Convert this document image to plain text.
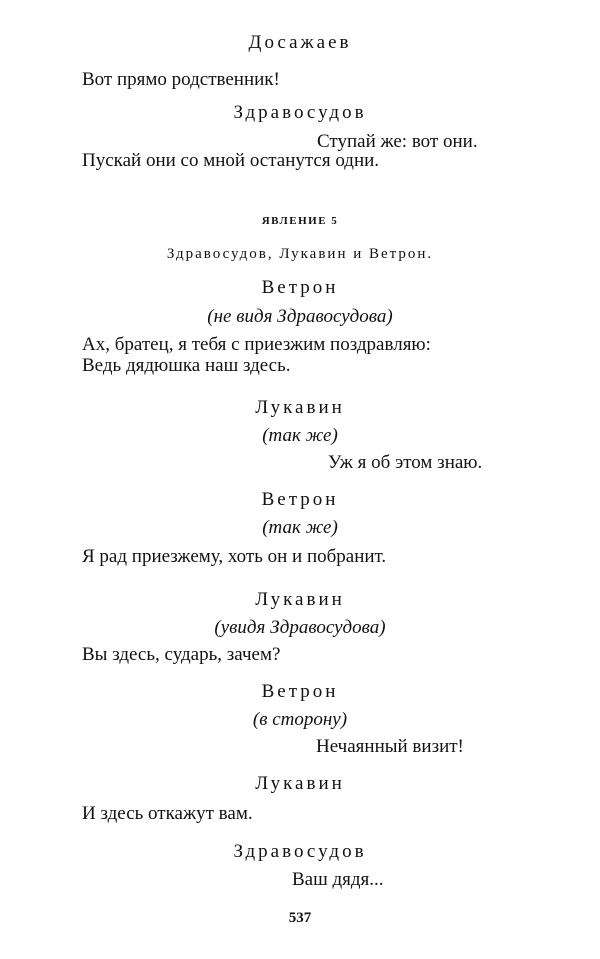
Досажаев
Вот прямо родственник!
Здравосудов
Ступай же: вот они.
Пускай они со мной останутся одни.
ЯВЛЕНИЕ 5
Здравосудов, Лукавин и Ветрон.
Ветрон
(не видя Здравосудова)
Ах, братец, я тебя с приезжим поздравляю:
Ведь дядюшка наш здесь.
Лукавин
(так же)
Уж я об этом знаю.
Ветрон
(так же)
Я рад приезжему, хоть он и побранит.
Лукавин
(увидя Здравосудова)
Вы здесь, сударь, зачем?
Ветрон
(в сторону)
Нечаянный визит!
Лукавин
И здесь откажут вам.
Здравосудов
Ваш дядя...
537
